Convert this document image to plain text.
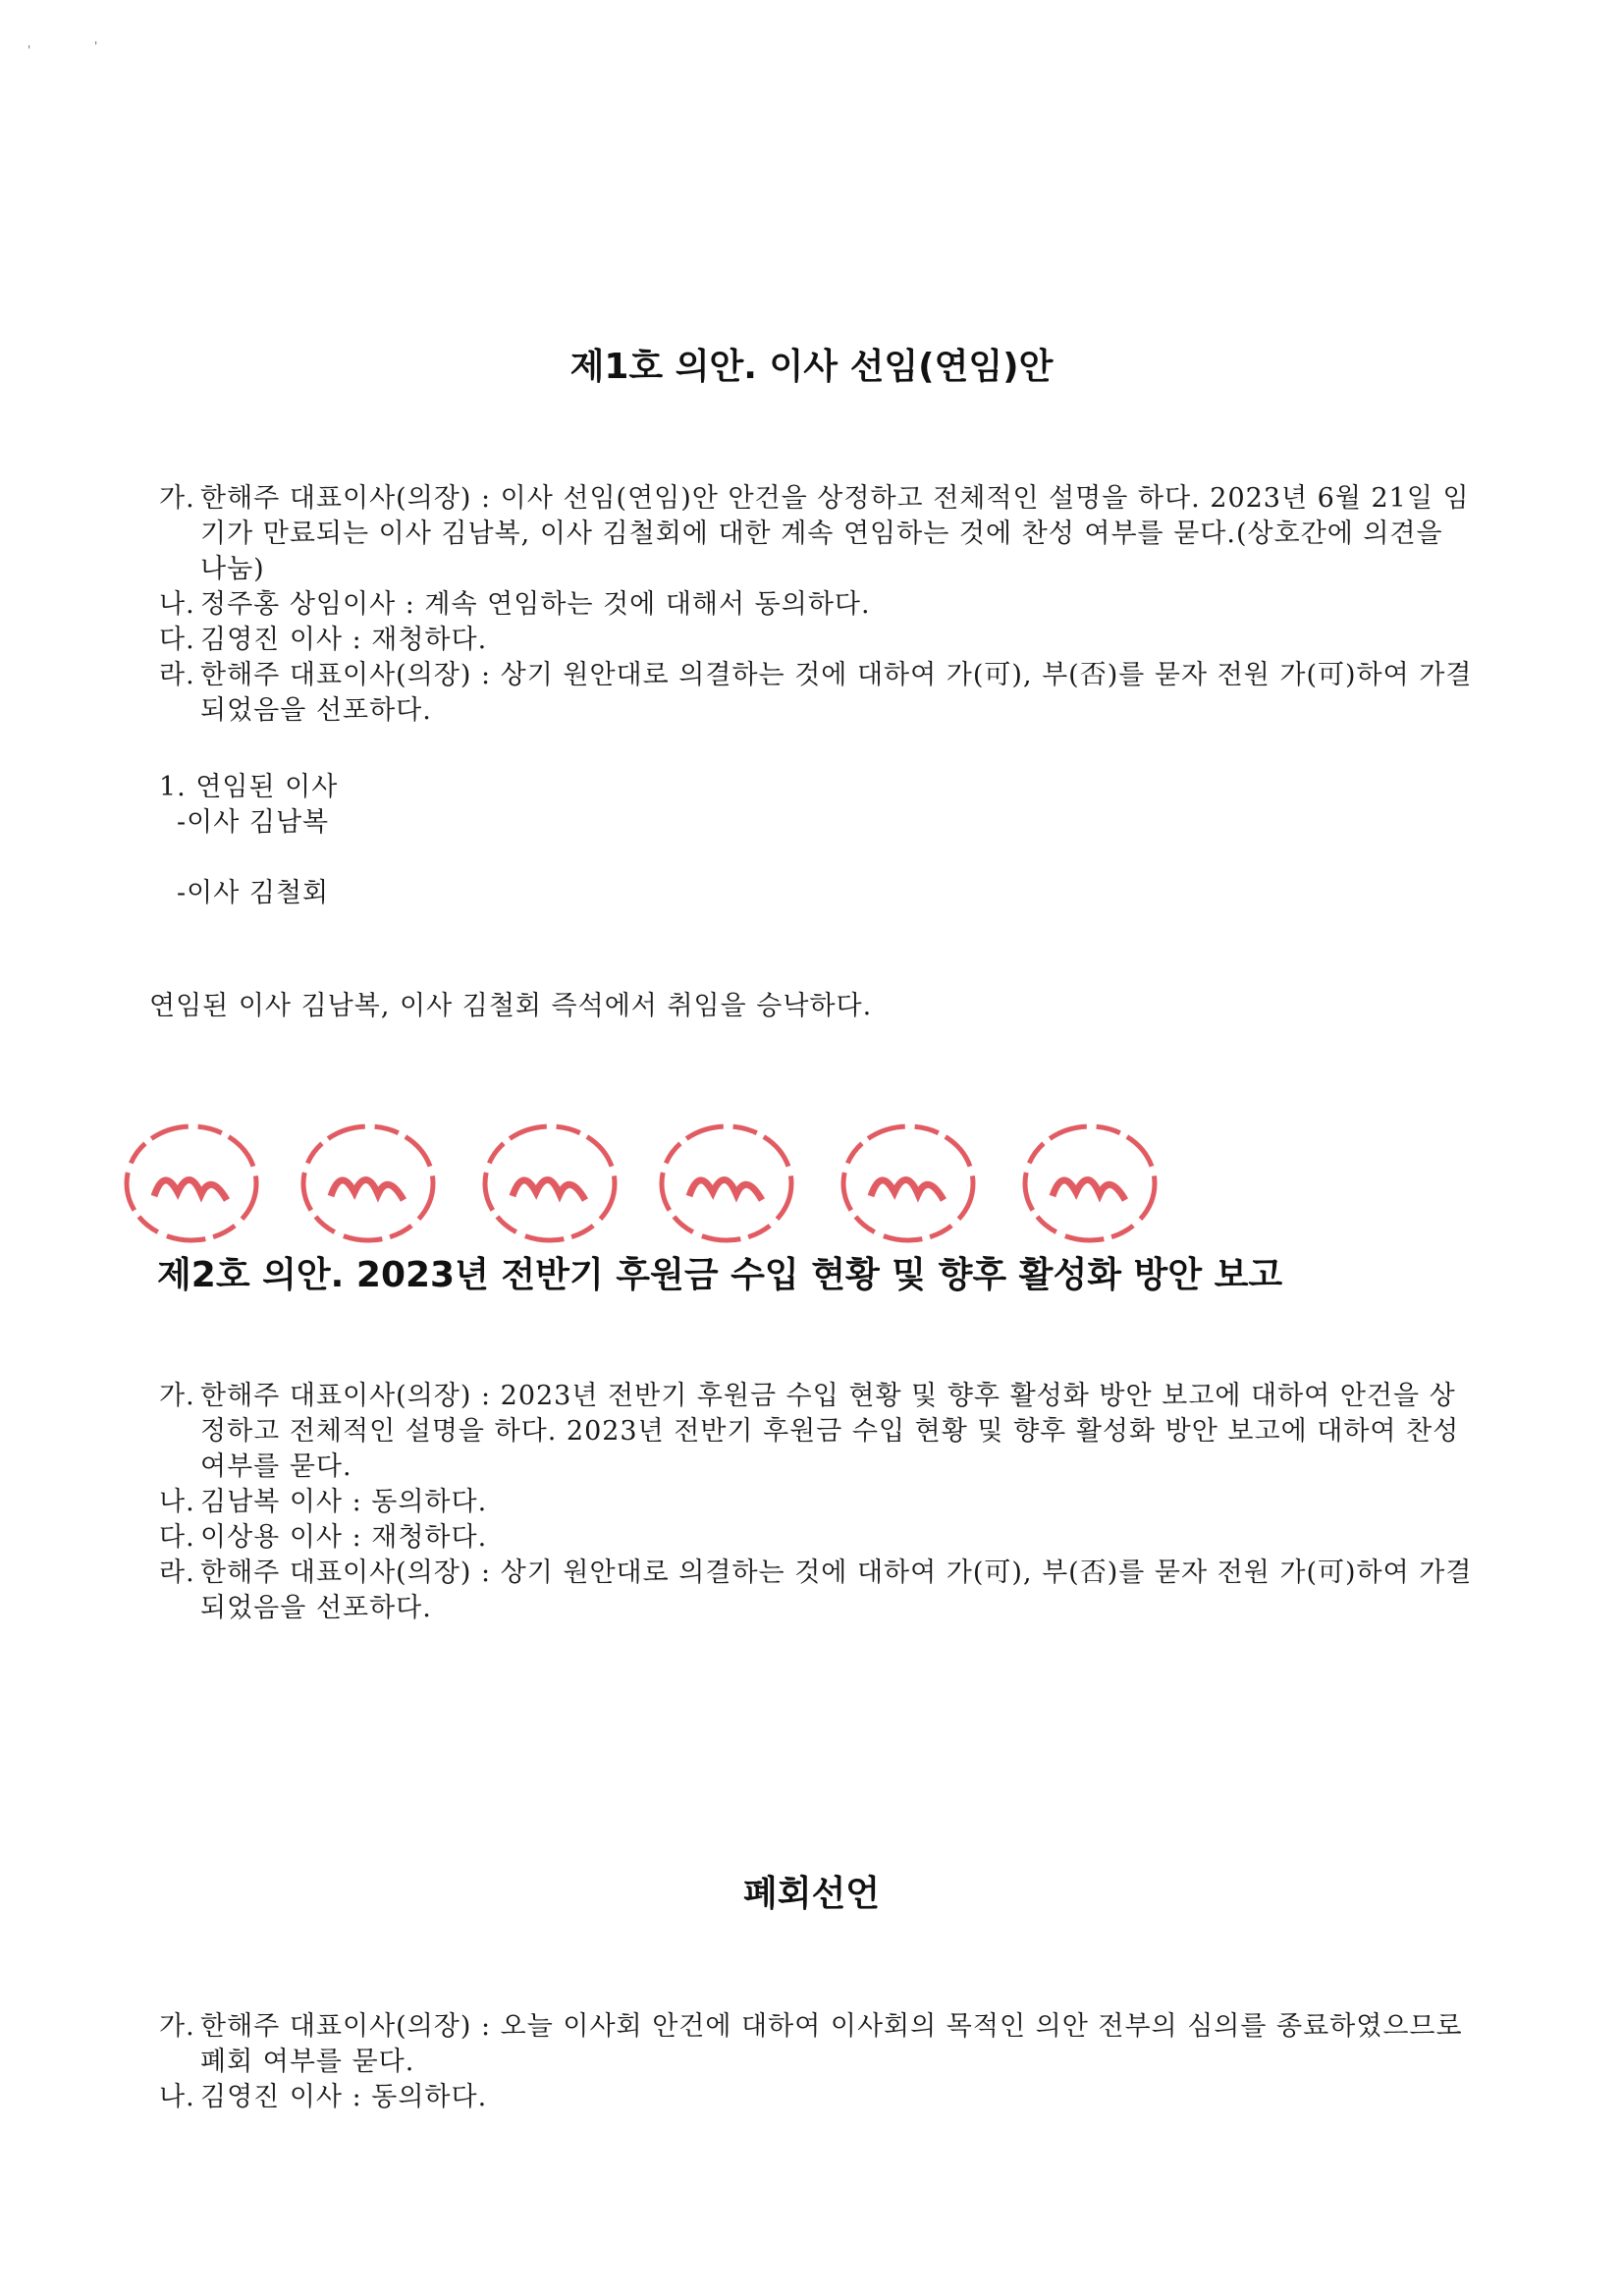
'	'
제1호 의안. 이사 선임(연임)안
가. 한해주 대표이사(의장) : 이사 선임(연임)안 안건을 상정하고 전체적인 설명을 하다. 2023년 6월 21일 임기가 만료되는 이사 김남복, 이사 김철회에 대한 계속 연임하는 것에 찬성 여부를 묻다.(상호간에 의견을 나눔)
나. 정주홍 상임이사 : 계속 연임하는 것에 대해서 동의하다.
다. 김영진 이사 : 재청하다.
라. 한해주 대표이사(의장) : 상기 원안대로 의결하는 것에 대하여 가(可), 부(否)를 묻자 전원 가(可)하여 가결되었음을 선포하다.

1. 연임된 이사

-이사 김남복

-이사 김철회

연임된 이사 김남복, 이사 김철회 즉석에서 취임을 승낙하다.

제2호 의안. 2023년 전반기 후원금 수입 현황 및 향후 활성화 방안 보고
가. 한해주 대표이사(의장) : 2023년 전반기 후원금 수입 현황 및 향후 활성화 방안 보고에 대하여 안건을 상정하고 전체적인 설명을 하다. 2023년 전반기 후원금 수입 현황 및 향후 활성화 방안 보고에 대하여 찬성 여부를 묻다.
나. 김남복 이사 : 동의하다.
다. 이상용 이사 : 재청하다.
라. 한해주 대표이사(의장) : 상기 원안대로 의결하는 것에 대하여 가(可), 부(否)를 묻자 전원 가(可)하여 가결되었음을 선포하다.
폐회선언
가. 한해주 대표이사(의장) : 오늘 이사회 안건에 대하여 이사회의 목적인 의안 전부의 심의를 종료하였으므로 폐회 여부를 묻다.
나. 김영진 이사 : 동의하다.
